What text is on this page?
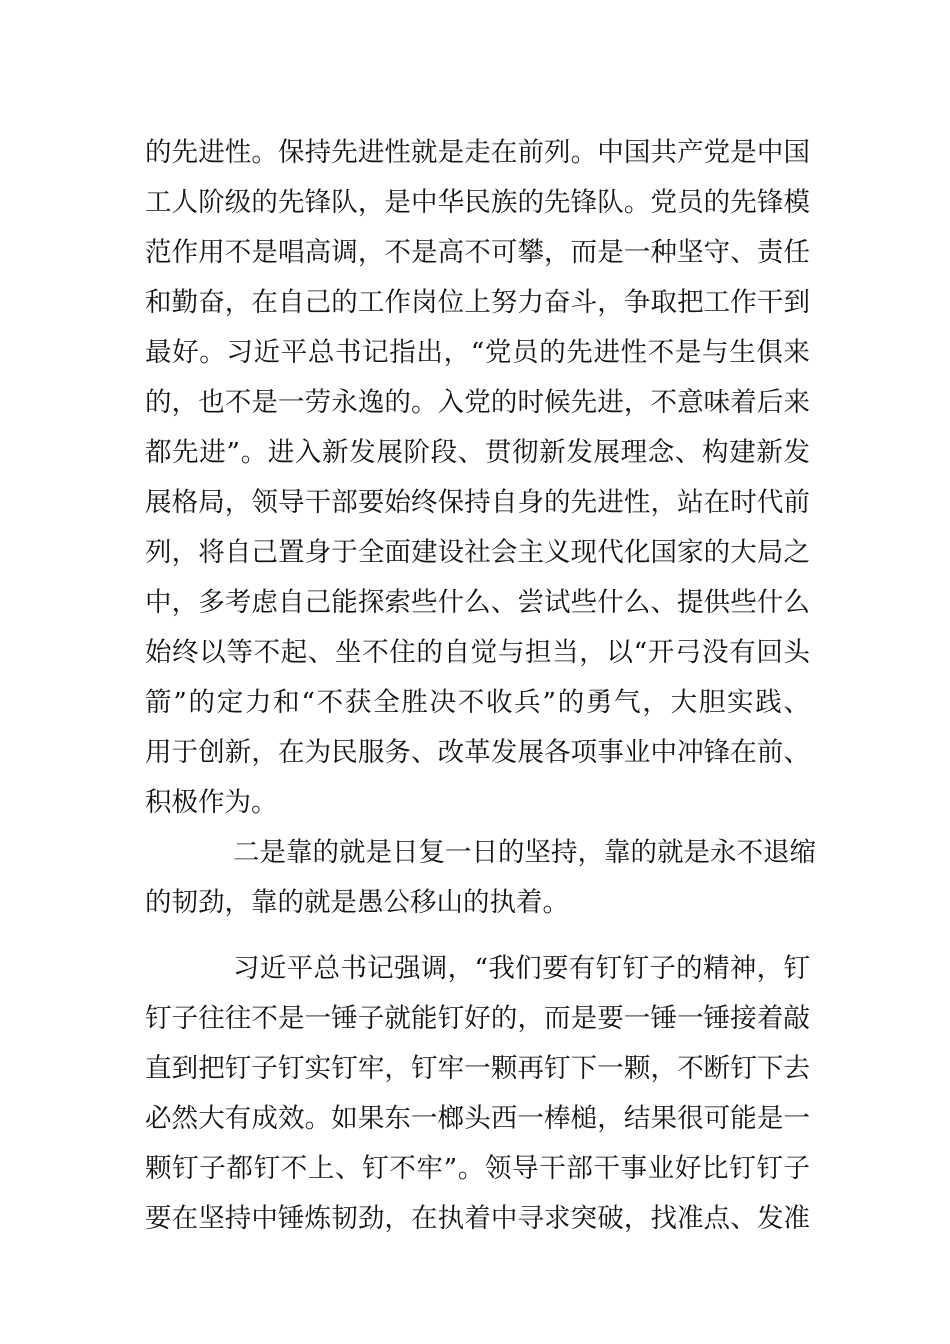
的先进性。保持先进性就是走在前列。中国共产党是中国
工人阶级的先锋队，是中华民族的先锋队。党员的先锋模
范作用不是唱高调，不是高不可攀，而是一种坚守、责任
和勤奋，在自己的工作岗位上努力奋斗，争取把工作干到
最好。习近平总书记指出，“党员的先进性不是与生俱来
的，也不是一劳永逸的。入党的时候先进，不意味着后来
都先进”。进入新发展阶段、贯彻新发展理念、构建新发
展格局，领导干部要始终保持自身的先进性，站在时代前
列，将自己置身于全面建设社会主义现代化国家的大局之
中，多考虑自己能探索些什么、尝试些什么、提供些什么
始终以等不起、坐不住的自觉与担当，以“开弓没有回头
箭”的定力和“不获全胜决不收兵”的勇气，大胆实践、
用于创新，在为民服务、改革发展各项事业中冲锋在前、
积极作为。
二是靠的就是日复一日的坚持，靠的就是永不退缩
的韧劲，靠的就是愚公移山的执着。
习近平总书记强调，“我们要有钉钉子的精神，钉
钉子往往不是一锤子就能钉好的，而是要一锤一锤接着敲
直到把钉子钉实钉牢，钉牢一颗再钉下一颗，不断钉下去
必然大有成效。如果东一榔头西一棒槌，结果很可能是一
颗钉子都钉不上、钉不牢”。领导干部干事业好比钉钉子
要在坚持中锤炼韧劲，在执着中寻求突破，找准点、发准
